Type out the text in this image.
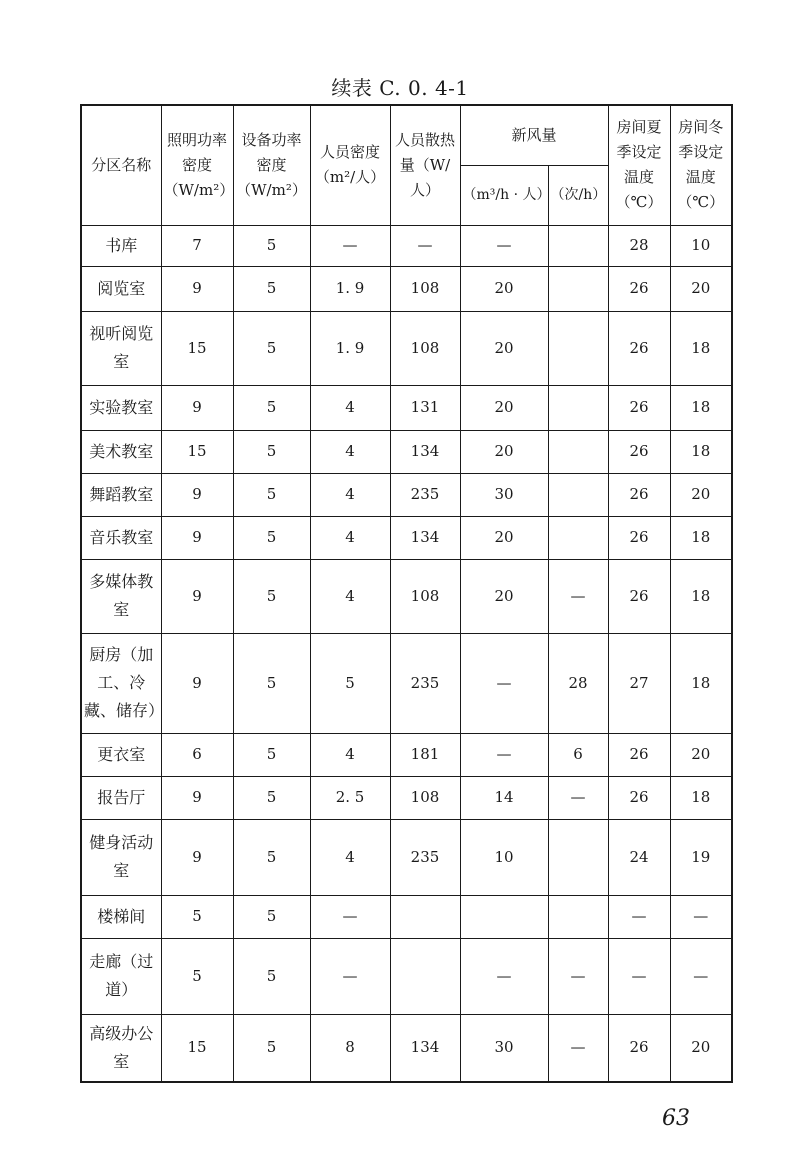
续表 C. 0. 4-1
分区名称	照明功率密度（W/m²）	设备功率密度（W/m²）	人员密度（m²/人）	人员散热量（W/人）	新风量		房间夏季设定温度（℃）	房间冬季设定温度（℃）
					（m³/h · 人）	（次/h）		
书库	7	5	—	—	—		28	10
阅览室	9	5	1. 9	108	20		26	20
视听阅览室	15	5	1. 9	108	20		26	18
实验教室	9	5	4	131	20		26	18
美术教室	15	5	4	134	20		26	18
舞蹈教室	9	5	4	235	30		26	20
音乐教室	9	5	4	134	20		26	18
多媒体教室	9	5	4	108	20	—	26	18
厨房（加工、冷藏、储存）	9	5	5	235	—	28	27	18
更衣室	6	5	4	181	—	6	26	20
报告厅	9	5	2. 5	108	14	—	26	18
健身活动室	9	5	4	235	10		24	19
楼梯间	5	5	—				—	—
走廊（过道）	5	5	—		—	—	—	—
高级办公室	15	5	8	134	30	—	26	20
63
